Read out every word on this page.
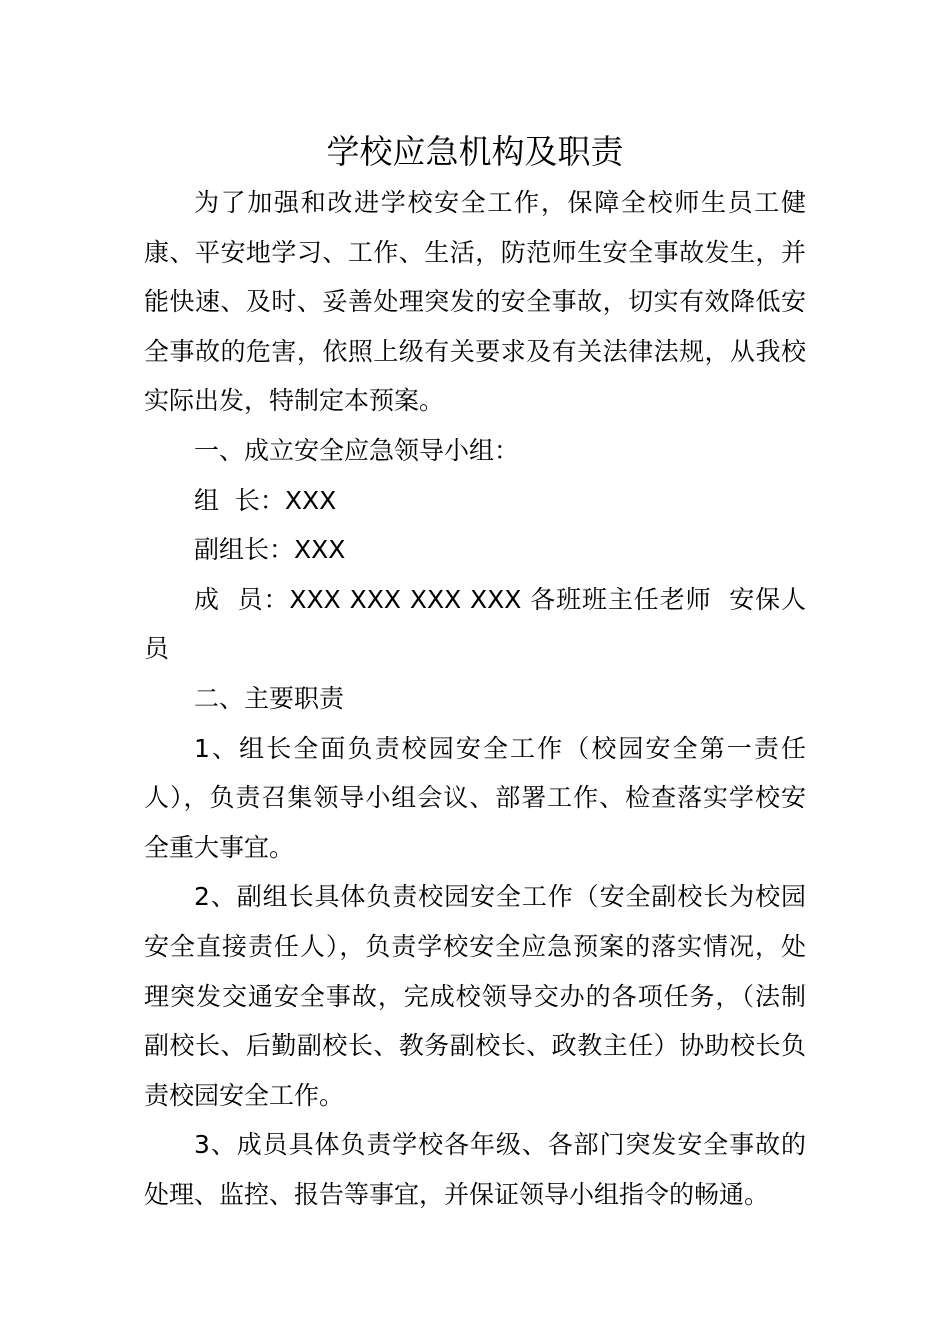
学校应急机构及职责

为了加强和改进学校安全工作，保障全校师生员工健康、平安地学习、工作、生活，防范师生安全事故发生，并能快速、及时、妥善处理突发的安全事故，切实有效降低安全事故的危害，依照上级有关要求及有关法律法规，从我校实际出发，特制定本预案。

一、成立安全应急领导小组：

组  长：XXX

副组长：XXX

成  员：XXX XXX XXX XXX 各班班主任老师  安保人员

二、主要职责

1、组长全面负责校园安全工作（校园安全第一责任人），负责召集领导小组会议、部署工作、检查落实学校安全重大事宜。

2、副组长具体负责校园安全工作（安全副校长为校园安全直接责任人），负责学校安全应急预案的落实情况，处理突发交通安全事故，完成校领导交办的各项任务，（法制副校长、后勤副校长、教务副校长、政教主任）协助校长负责校园安全工作。

3、成员具体负责学校各年级、各部门突发安全事故的处理、监控、报告等事宜，并保证领导小组指令的畅通。
